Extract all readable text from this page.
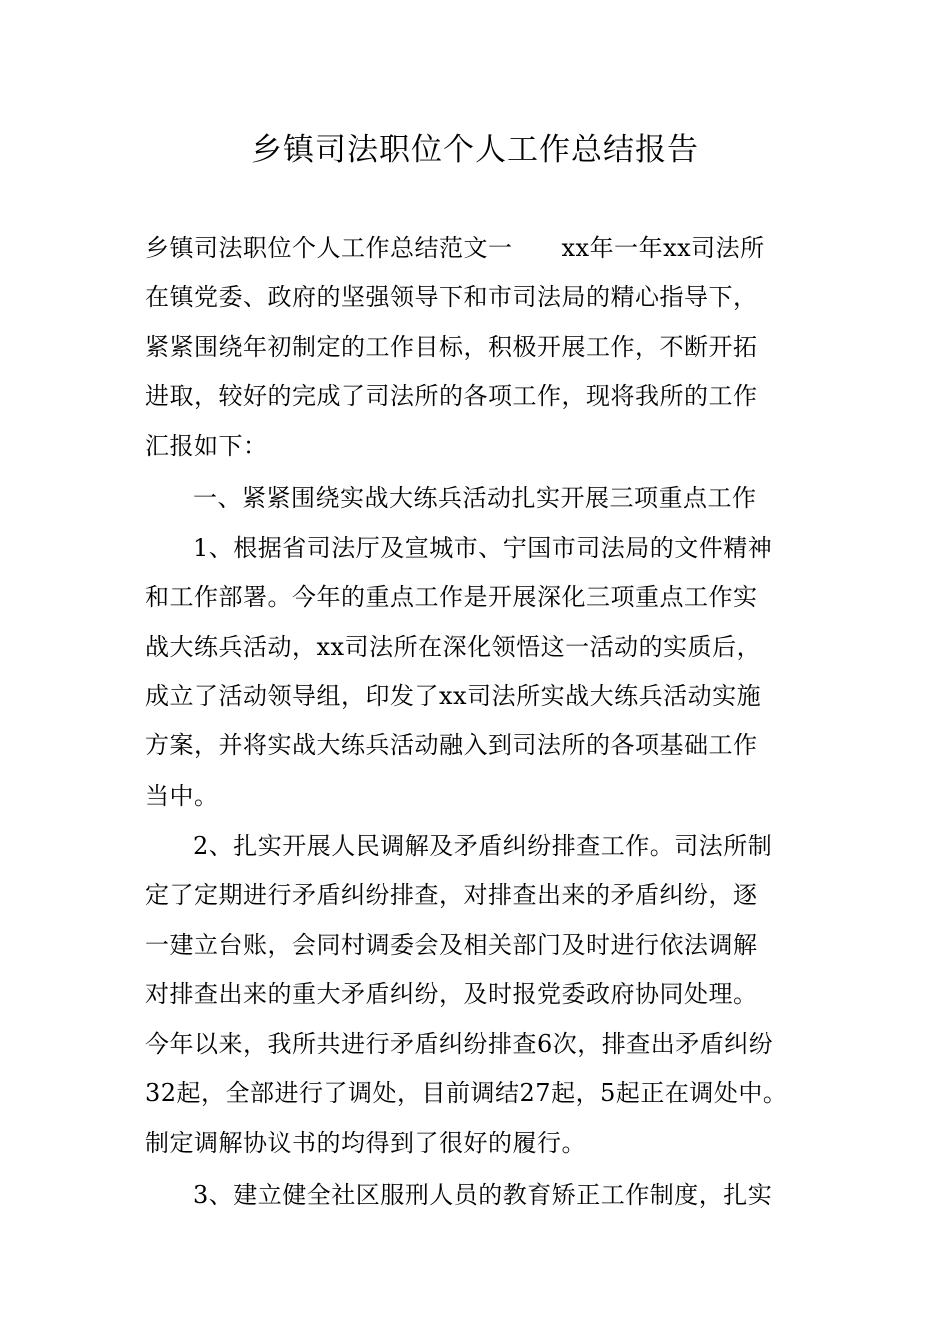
乡镇司法职位个人工作总结报告
乡镇司法职位个人工作总结范文一　　xx年一年xx司法所
在镇党委、政府的坚强领导下和市司法局的精心指导下，
紧紧围绕年初制定的工作目标，积极开展工作，不断开拓
进取，较好的完成了司法所的各项工作，现将我所的工作
汇报如下：
一、紧紧围绕实战大练兵活动扎实开展三项重点工作
1、根据省司法厅及宣城市、宁国市司法局的文件精神
和工作部署。今年的重点工作是开展深化三项重点工作实
战大练兵活动，xx司法所在深化领悟这一活动的实质后，
成立了活动领导组，印发了xx司法所实战大练兵活动实施
方案，并将实战大练兵活动融入到司法所的各项基础工作
当中。
2、扎实开展人民调解及矛盾纠纷排查工作。司法所制
定了定期进行矛盾纠纷排查，对排查出来的矛盾纠纷，逐
一建立台账，会同村调委会及相关部门及时进行依法调解
对排查出来的重大矛盾纠纷，及时报党委政府协同处理。
今年以来，我所共进行矛盾纠纷排查6次，排查出矛盾纠纷
32起，全部进行了调处，目前调结27起，5起正在调处中。
制定调解协议书的均得到了很好的履行。
3、建立健全社区服刑人员的教育矫正工作制度，扎实
